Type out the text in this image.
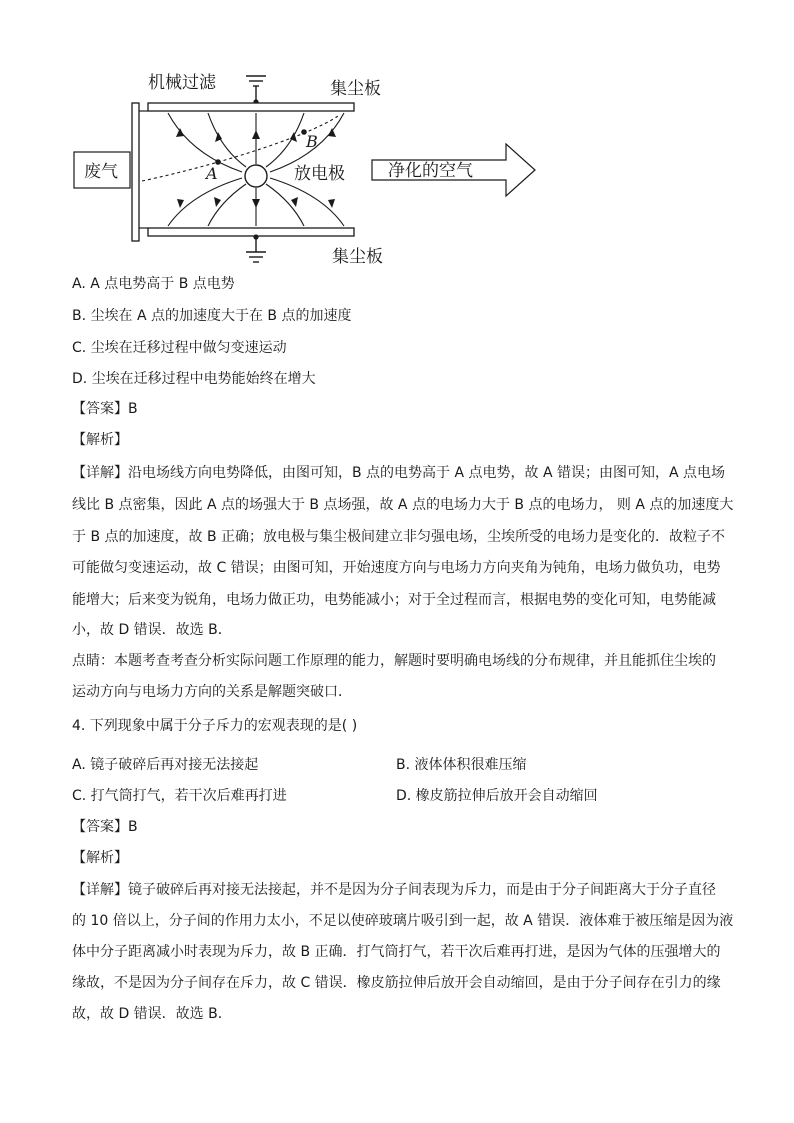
机械过滤	集尘板
集尘板
废气	净化的空气
放电极
A
B
A. A 点电势高于 B 点电势
B. 尘埃在 A 点的加速度大于在 B 点的加速度
C. 尘埃在迁移过程中做匀变速运动
D. 尘埃在迁移过程中电势能始终在增大
【答案】B
【解析】
【详解】沿电场线方向电势降低，由图可知，B 点的电势高于 A 点电势，故 A 错误；由图可知，A 点电场
线比 B 点密集，因此 A 点的场强大于 B 点场强，故 A 点的电场力大于 B 点的电场力， 则 A 点的加速度大
于 B 点的加速度，故 B 正确；放电极与集尘极间建立非匀强电场，尘埃所受的电场力是变化的．故粒子不
可能做匀变速运动，故 C 错误；由图可知，开始速度方向与电场力方向夹角为钝角，电场力做负功，电势
能增大；后来变为锐角，电场力做正功，电势能减小；对于全过程而言，根据电势的变化可知，电势能减
小，故 D 错误．故选 B．
点睛：本题考查考查分析实际问题工作原理的能力，解题时要明确电场线的分布规律，并且能抓住尘埃的
运动方向与电场力方向的关系是解题突破口．
4. 下列现象中属于分子斥力的宏观表现的是( )
A. 镜子破碎后再对接无法接起	B. 液体体积很难压缩
C. 打气筒打气，若干次后难再打进	D. 橡皮筋拉伸后放开会自动缩回
【答案】B
【解析】
【详解】镜子破碎后再对接无法接起，并不是因为分子间表现为斥力，而是由于分子间距离大于分子直径
的 10 倍以上，分子间的作用力太小，不足以使碎玻璃片吸引到一起，故 A 错误．液体难于被压缩是因为液
体中分子距离减小时表现为斥力，故 B 正确．打气筒打气，若干次后难再打进，是因为气体的压强增大的
缘故，不是因为分子间存在斥力，故 C 错误．橡皮筋拉伸后放开会自动缩回，是由于分子间存在引力的缘
故，故 D 错误．故选 B.
